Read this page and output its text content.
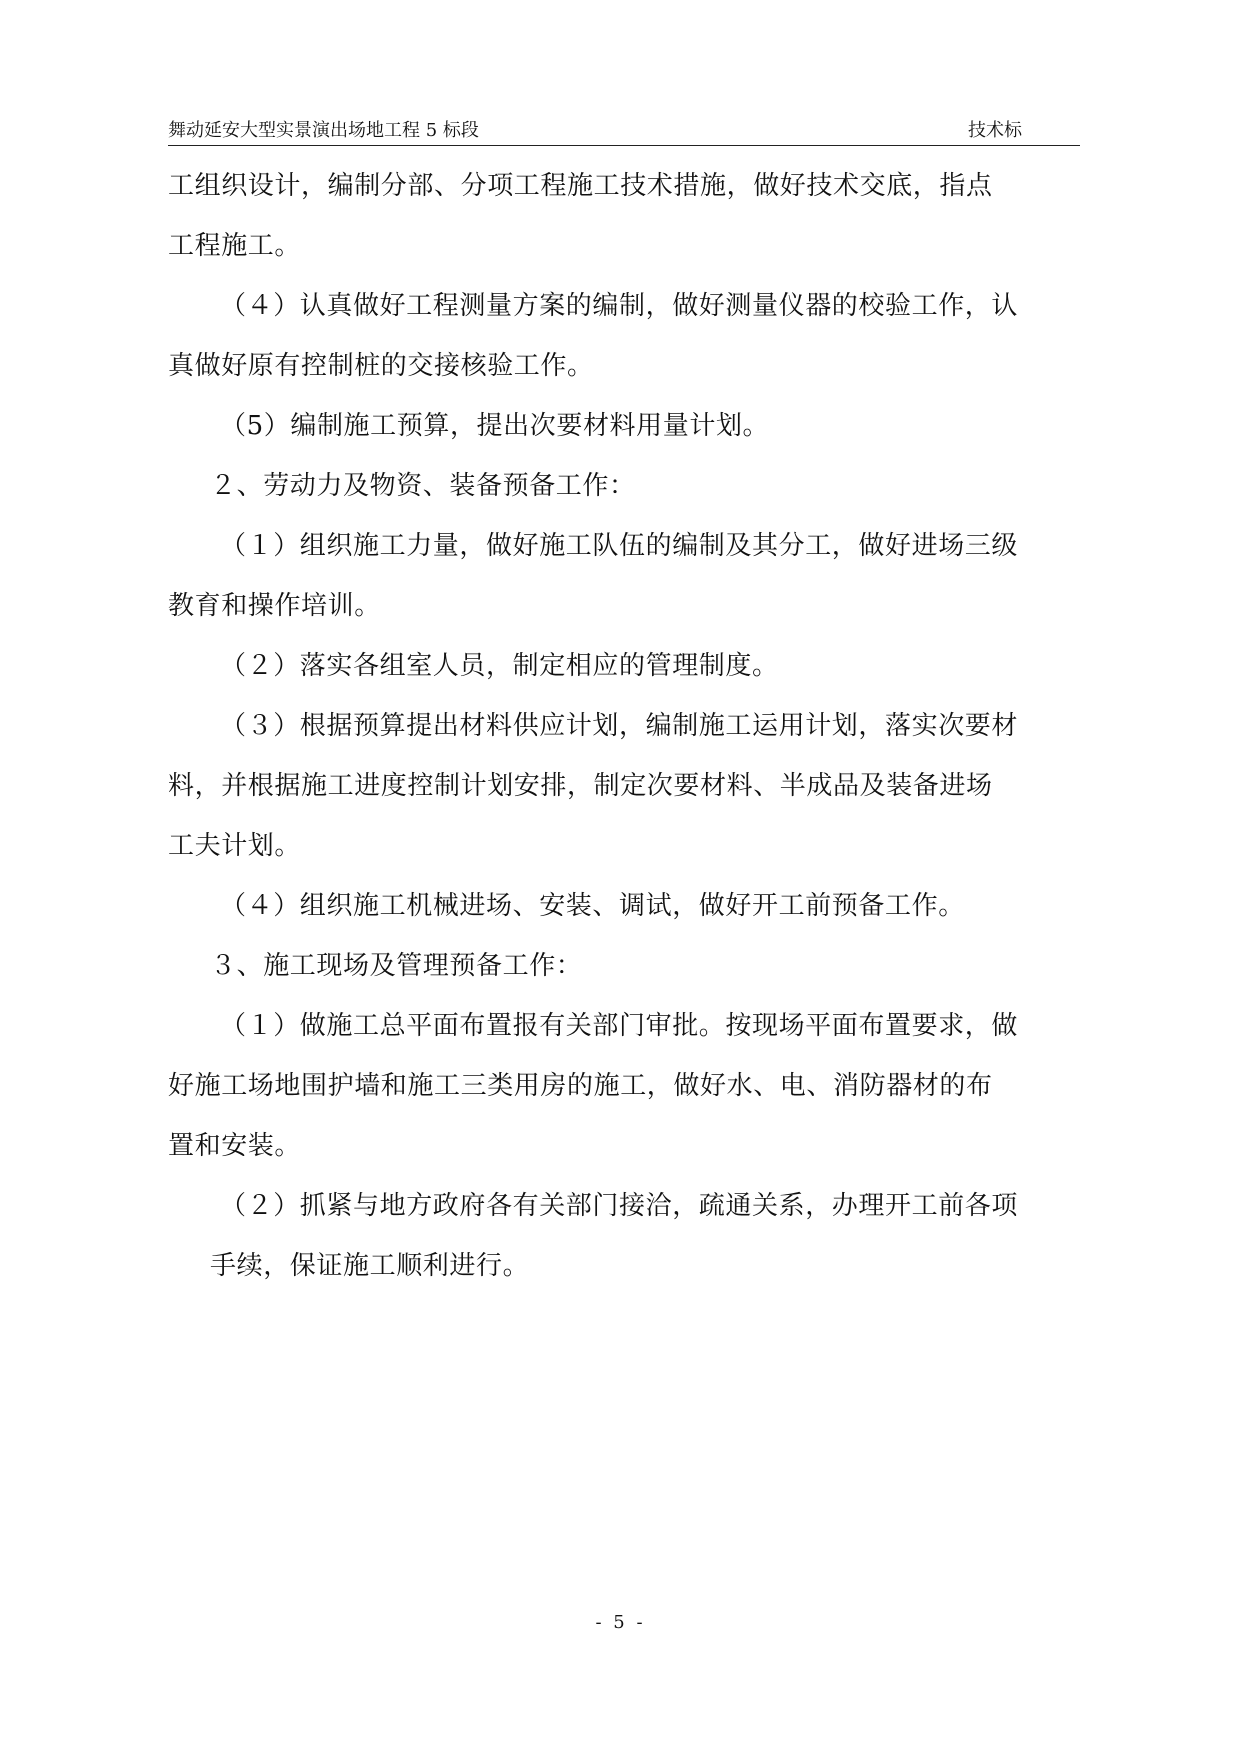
舞动延安大型实景演出场地工程 5 标段	技术标
工组织设计，编制分部、分项工程施工技术措施，做好技术交底，指点
工程施工。
（４）认真做好工程测量方案的编制，做好测量仪器的校验工作，认
真做好原有控制桩的交接核验工作。
（5）编制施工预算，提出次要材料用量计划。
２、劳动力及物资、装备预备工作：
（１）组织施工力量，做好施工队伍的编制及其分工，做好进场三级
教育和操作培训。
（２）落实各组室人员，制定相应的管理制度。
（３）根据预算提出材料供应计划，编制施工运用计划，落实次要材
料，并根据施工进度控制计划安排，制定次要材料、半成品及装备进场
工夫计划。
（４）组织施工机械进场、安装、调试，做好开工前预备工作。
３、施工现场及管理预备工作：
（１）做施工总平面布置报有关部门审批。按现场平面布置要求，做
好施工场地围护墙和施工三类用房的施工，做好水、电、消防器材的布
置和安装。
（２）抓紧与地方政府各有关部门接洽，疏通关系，办理开工前各项
手续，保证施工顺利进行。
- 5 -
